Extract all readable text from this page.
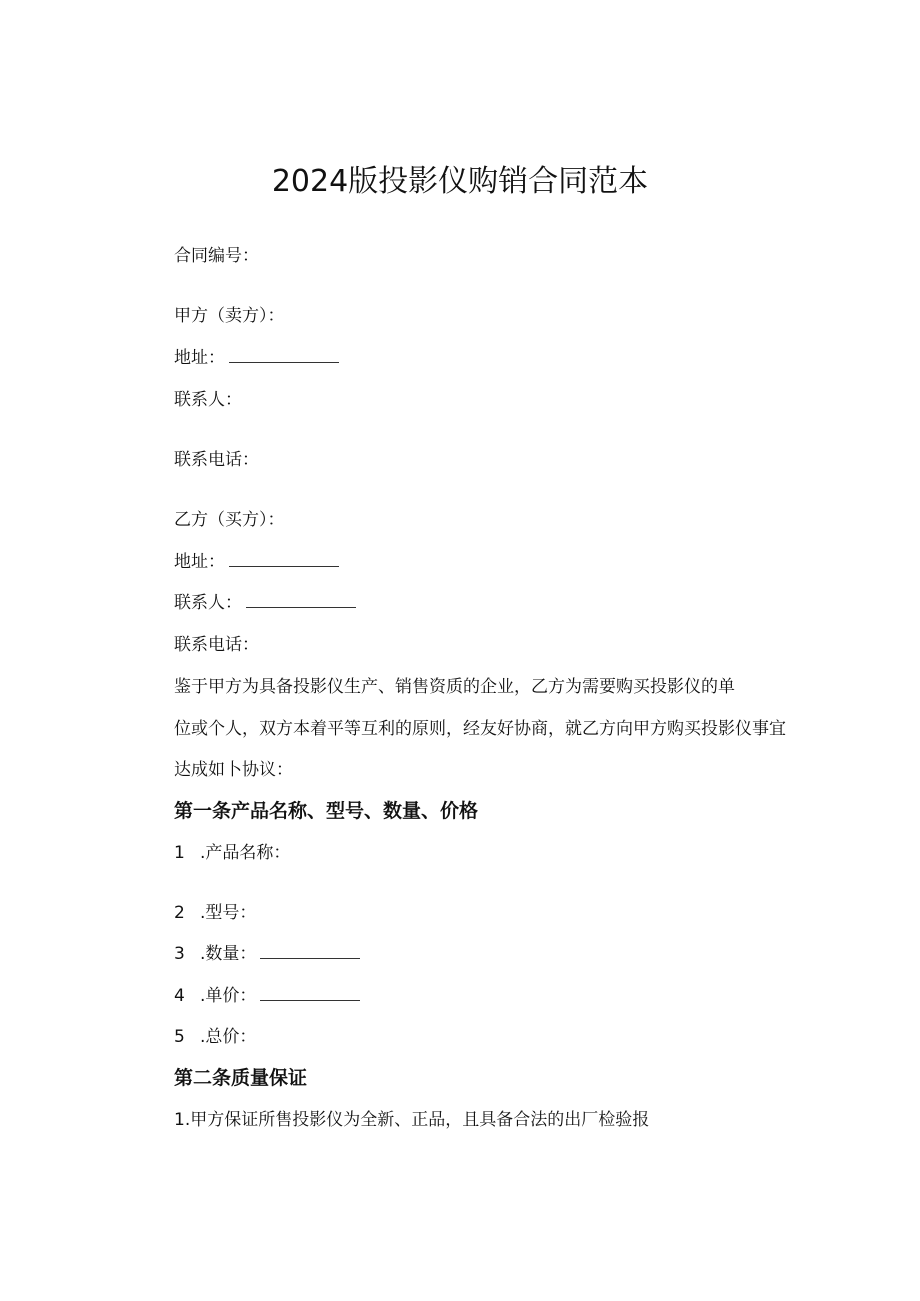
2024版投影仪购销合同范本
合同编号：
甲方（卖方）：
地址：
联系人：
联系电话：
乙方（买方）：
地址：
联系人：
联系电话：
鉴于甲方为具备投影仪生产、销售资质的企业，乙方为需要购买投影仪的单
位或个人，双方本着平等互利的原则，经友好协商，就乙方向甲方购买投影仪事宜
达成如卜协议：
第一条产品名称、型号、数量、价格
1 .产品名称：
2 .型号：
3 .数量：
4 .单价：
5 .总价：
第二条质量保证
1.甲方保证所售投影仪为全新、正品，且具备合法的出厂检验报
